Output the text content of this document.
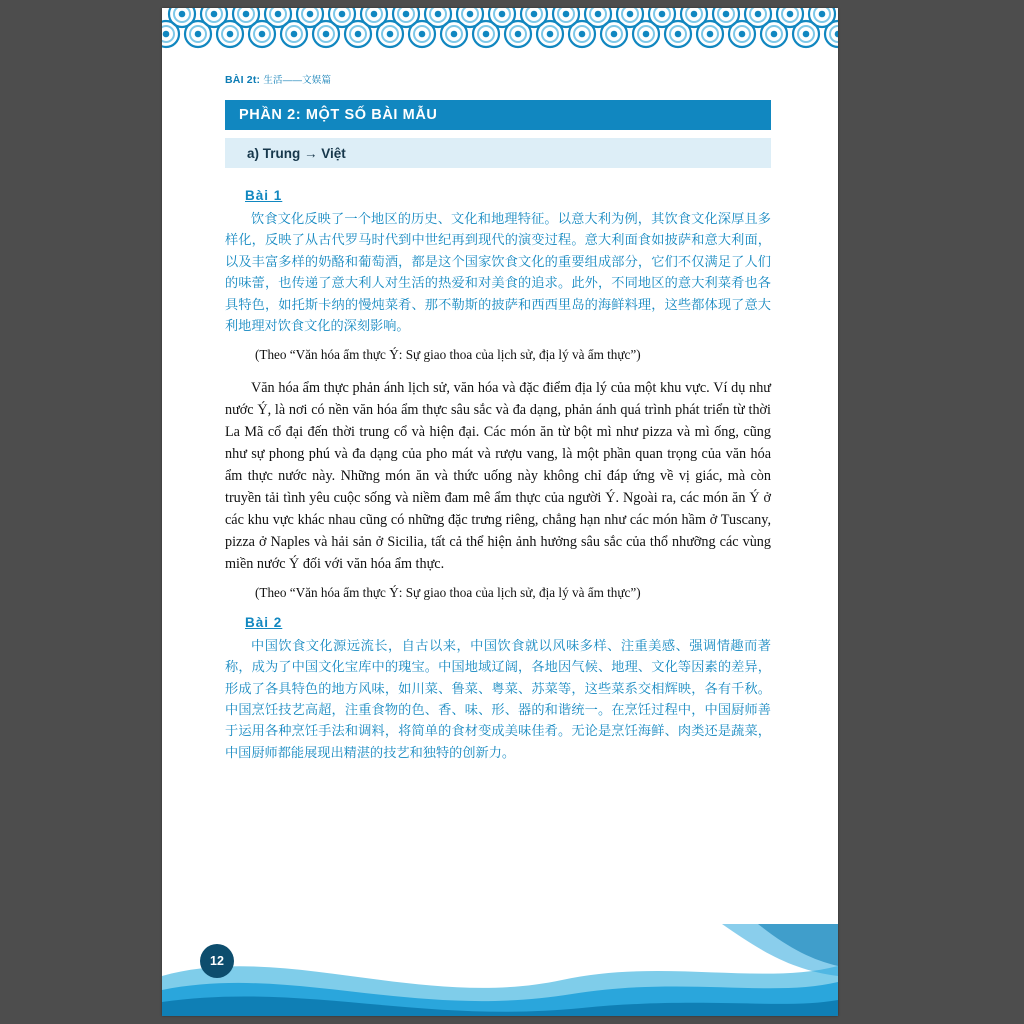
BÀI 2t: 生活——文娱篇
PHẦN 2: MỘT SỐ BÀI MẪU
a) Trung → Việt
Bài 1

饮食文化反映了一个地区的历史、文化和地理特征。以意大利为例，其饮食文化深厚且多样化，反映了从古代罗马时代到中世纪再到现代的演变过程。意大利面食如披萨和意大利面，以及丰富多样的奶酪和葡萄酒，都是这个国家饮食文化的重要组成部分，它们不仅满足了人们的味蕾，也传递了意大利人对生活的热爱和对美食的追求。此外，不同地区的意大利菜肴也各具特色，如托斯卡纳的慢炖菜肴、那不勒斯的披萨和西西里岛的海鲜料理，这些都体现了意大利地理对饮食文化的深刻影响。

(Theo “Văn hóa ẩm thực Ý: Sự giao thoa của lịch sử, địa lý và ẩm thực”)

Văn hóa ẩm thực phản ánh lịch sử, văn hóa và đặc điểm địa lý của một khu vực. Ví dụ như nước Ý, là nơi có nền văn hóa ẩm thực sâu sắc và đa dạng, phản ánh quá trình phát triển từ thời La Mã cổ đại đến thời trung cổ và hiện đại. Các món ăn từ bột mì như pizza và mì ống, cũng như sự phong phú và đa dạng của pho mát và rượu vang, là một phần quan trọng của văn hóa ẩm thực nước này. Những món ăn và thức uống này không chỉ đáp ứng về vị giác, mà còn truyền tải tình yêu cuộc sống và niềm đam mê ẩm thực của người Ý. Ngoài ra, các món ăn Ý ở các khu vực khác nhau cũng có những đặc trưng riêng, chẳng hạn như các món hầm ở Tuscany, pizza ở Naples và hải sản ở Sicilia, tất cả thể hiện ảnh hưởng sâu sắc của thổ nhưỡng các vùng miền nước Ý đối với văn hóa ẩm thực.

(Theo “Văn hóa ẩm thực Ý: Sự giao thoa của lịch sử, địa lý và ẩm thực”)

Bài 2

中国饮食文化源远流长，自古以来，中国饮食就以风味多样、注重美感、强调情趣而著称，成为了中国文化宝库中的瑰宝。中国地域辽阔，各地因气候、地理、文化等因素的差异，形成了各具特色的地方风味，如川菜、鲁菜、粤菜、苏菜等，这些菜系交相辉映，各有千秋。中国烹饪技艺高超，注重食物的色、香、味、形、器的和谐统一。在烹饪过程中，中国厨师善于运用各种烹饪手法和调料，将简单的食材变成美味佳肴。无论是烹饪海鲜、肉类还是蔬菜，中国厨师都能展现出精湛的技艺和独特的创新力。

12
